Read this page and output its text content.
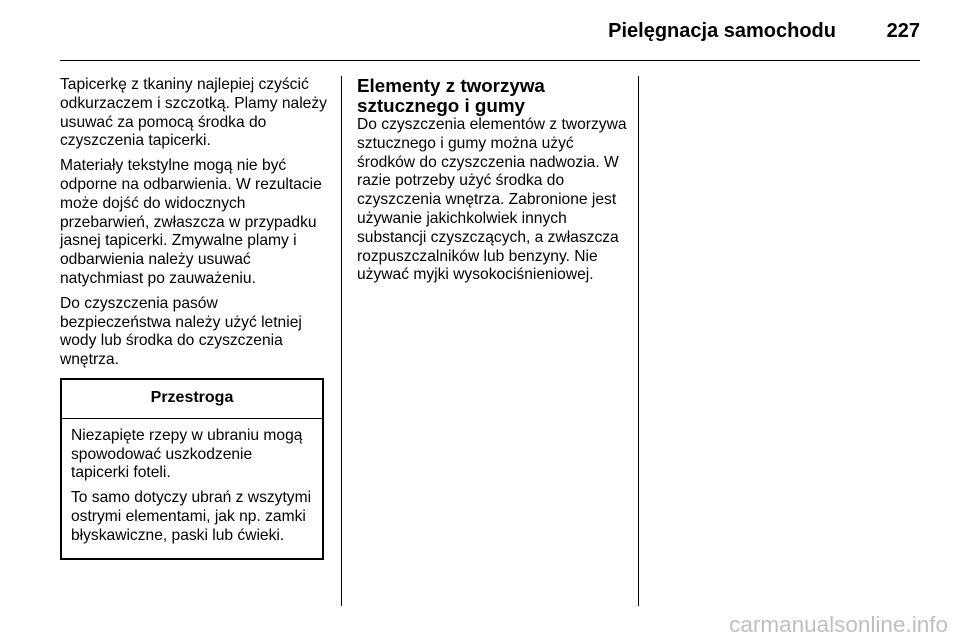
Pielęgnacja samochodu	227

Tapicerkę z tkaniny najlepiej czyścić odkurzaczem i szczotką. Plamy należy usuwać za pomocą środka do czyszczenia tapicerki.

Materiały tekstylne mogą nie być odporne na odbarwienia. W rezultacie może dojść do widocznych przebarwień, zwłaszcza w przypadku jasnej tapicerki. Zmywalne plamy i odbarwienia należy usuwać natychmiast po zauważeniu.

Do czyszczenia pasów bezpieczeństwa należy użyć letniej wody lub środka do czyszczenia wnętrza.

Przestroga

Niezapięte rzepy w ubraniu mogą spowodować uszkodzenie tapicerki foteli.

To samo dotyczy ubrań z wszytymi ostrymi elementami, jak np. zamki błyskawiczne, paski lub ćwieki.

Elementy z tworzywa sztucznego i gumy

Do czyszczenia elementów z tworzywa sztucznego i gumy można użyć środków do czyszczenia nadwozia. W razie potrzeby użyć środka do czyszczenia wnętrza. Zabronione jest używanie jakichkolwiek innych substancji czyszczących, a zwłaszcza rozpuszczalników lub benzyny. Nie używać myjki wysokociśnieniowej.

carmanualsonline.info
